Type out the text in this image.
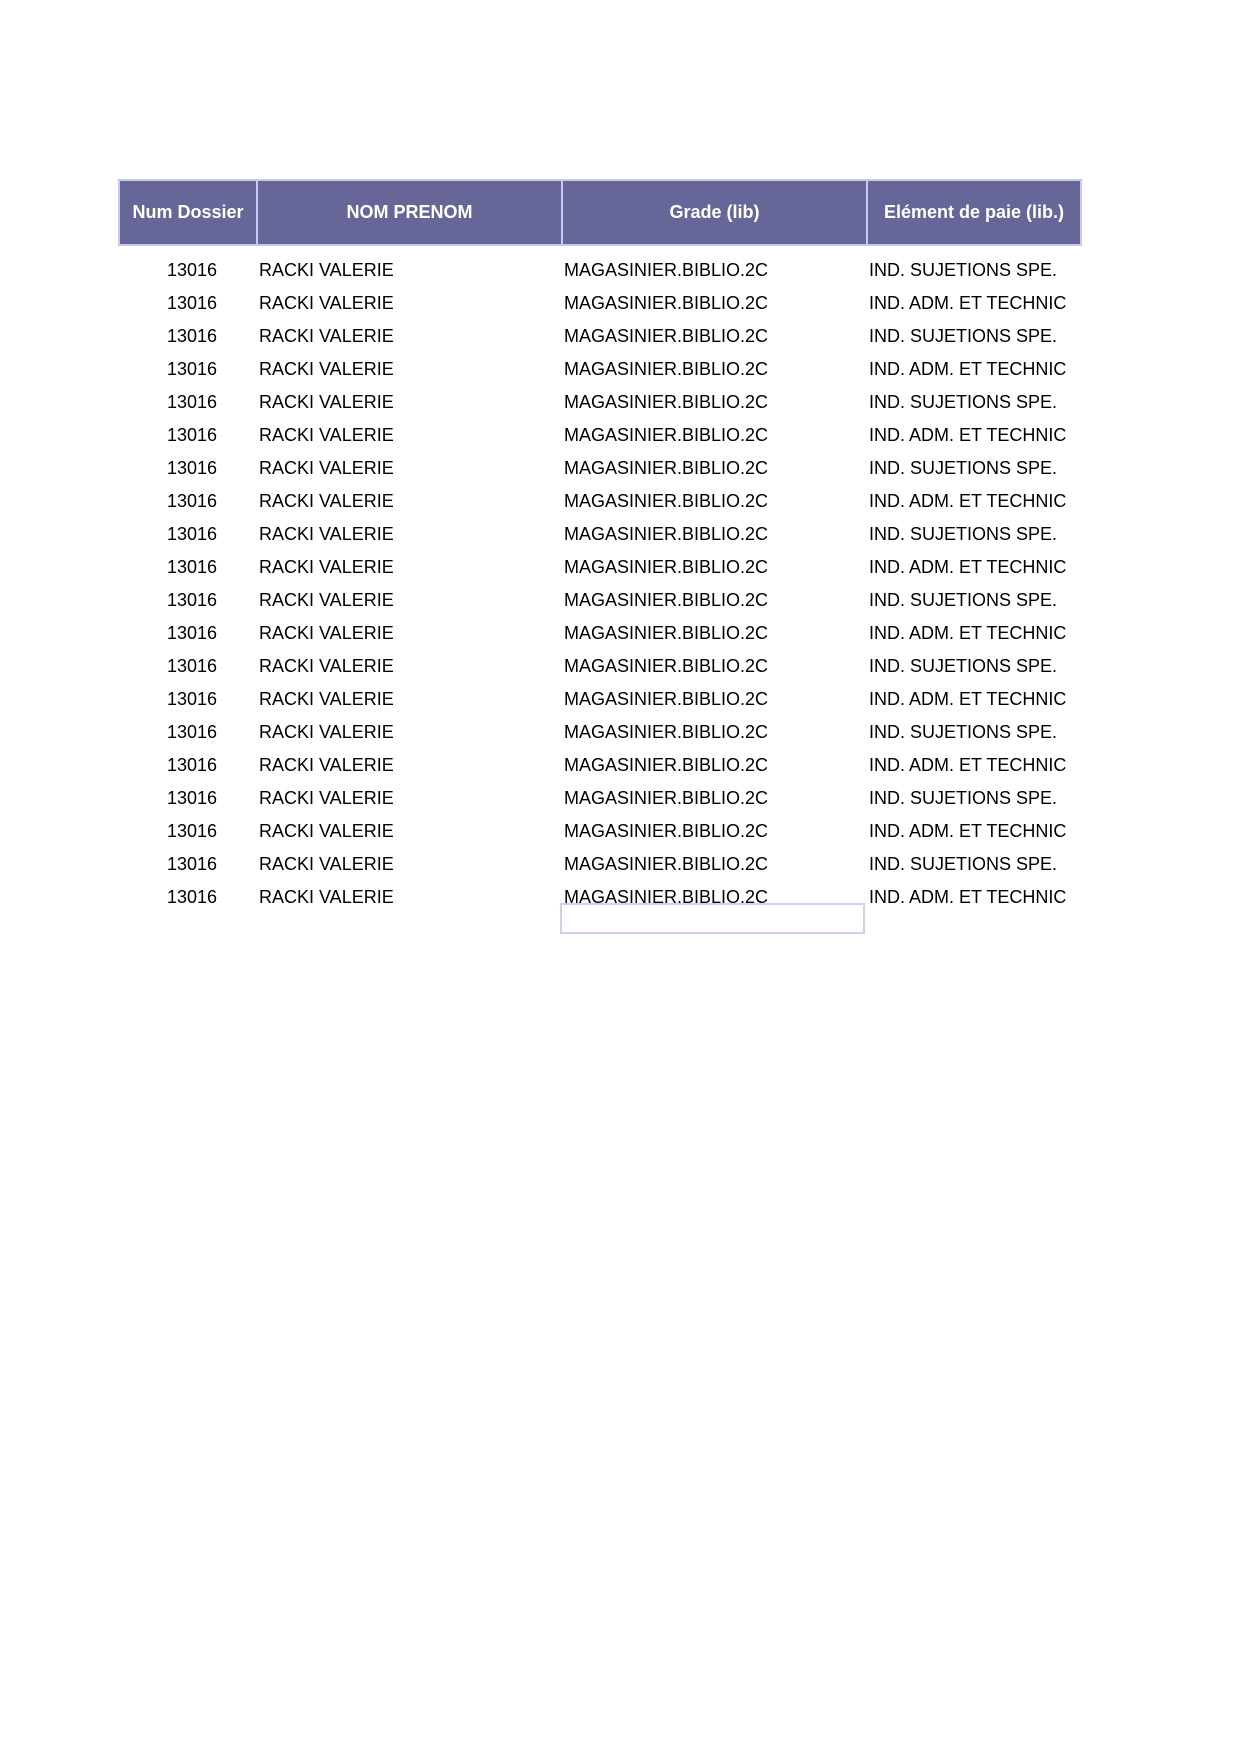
Num Dossier	NOM PRENOM	Grade (lib)	Elément de paie (lib.)

13016	RACKI VALERIE	MAGASINIER.BIBLIO.2C	IND. SUJETIONS SPE.
13016	RACKI VALERIE	MAGASINIER.BIBLIO.2C	IND. ADM. ET TECHNIC
13016	RACKI VALERIE	MAGASINIER.BIBLIO.2C	IND. SUJETIONS SPE.
13016	RACKI VALERIE	MAGASINIER.BIBLIO.2C	IND. ADM. ET TECHNIC
13016	RACKI VALERIE	MAGASINIER.BIBLIO.2C	IND. SUJETIONS SPE.
13016	RACKI VALERIE	MAGASINIER.BIBLIO.2C	IND. ADM. ET TECHNIC
13016	RACKI VALERIE	MAGASINIER.BIBLIO.2C	IND. SUJETIONS SPE.
13016	RACKI VALERIE	MAGASINIER.BIBLIO.2C	IND. ADM. ET TECHNIC
13016	RACKI VALERIE	MAGASINIER.BIBLIO.2C	IND. SUJETIONS SPE.
13016	RACKI VALERIE	MAGASINIER.BIBLIO.2C	IND. ADM. ET TECHNIC
13016	RACKI VALERIE	MAGASINIER.BIBLIO.2C	IND. SUJETIONS SPE.
13016	RACKI VALERIE	MAGASINIER.BIBLIO.2C	IND. ADM. ET TECHNIC
13016	RACKI VALERIE	MAGASINIER.BIBLIO.2C	IND. SUJETIONS SPE.
13016	RACKI VALERIE	MAGASINIER.BIBLIO.2C	IND. ADM. ET TECHNIC
13016	RACKI VALERIE	MAGASINIER.BIBLIO.2C	IND. SUJETIONS SPE.
13016	RACKI VALERIE	MAGASINIER.BIBLIO.2C	IND. ADM. ET TECHNIC
13016	RACKI VALERIE	MAGASINIER.BIBLIO.2C	IND. SUJETIONS SPE.
13016	RACKI VALERIE	MAGASINIER.BIBLIO.2C	IND. ADM. ET TECHNIC
13016	RACKI VALERIE	MAGASINIER.BIBLIO.2C	IND. SUJETIONS SPE.
13016	RACKI VALERIE	MAGASINIER.BIBLIO.2C	IND. ADM. ET TECHNIC
